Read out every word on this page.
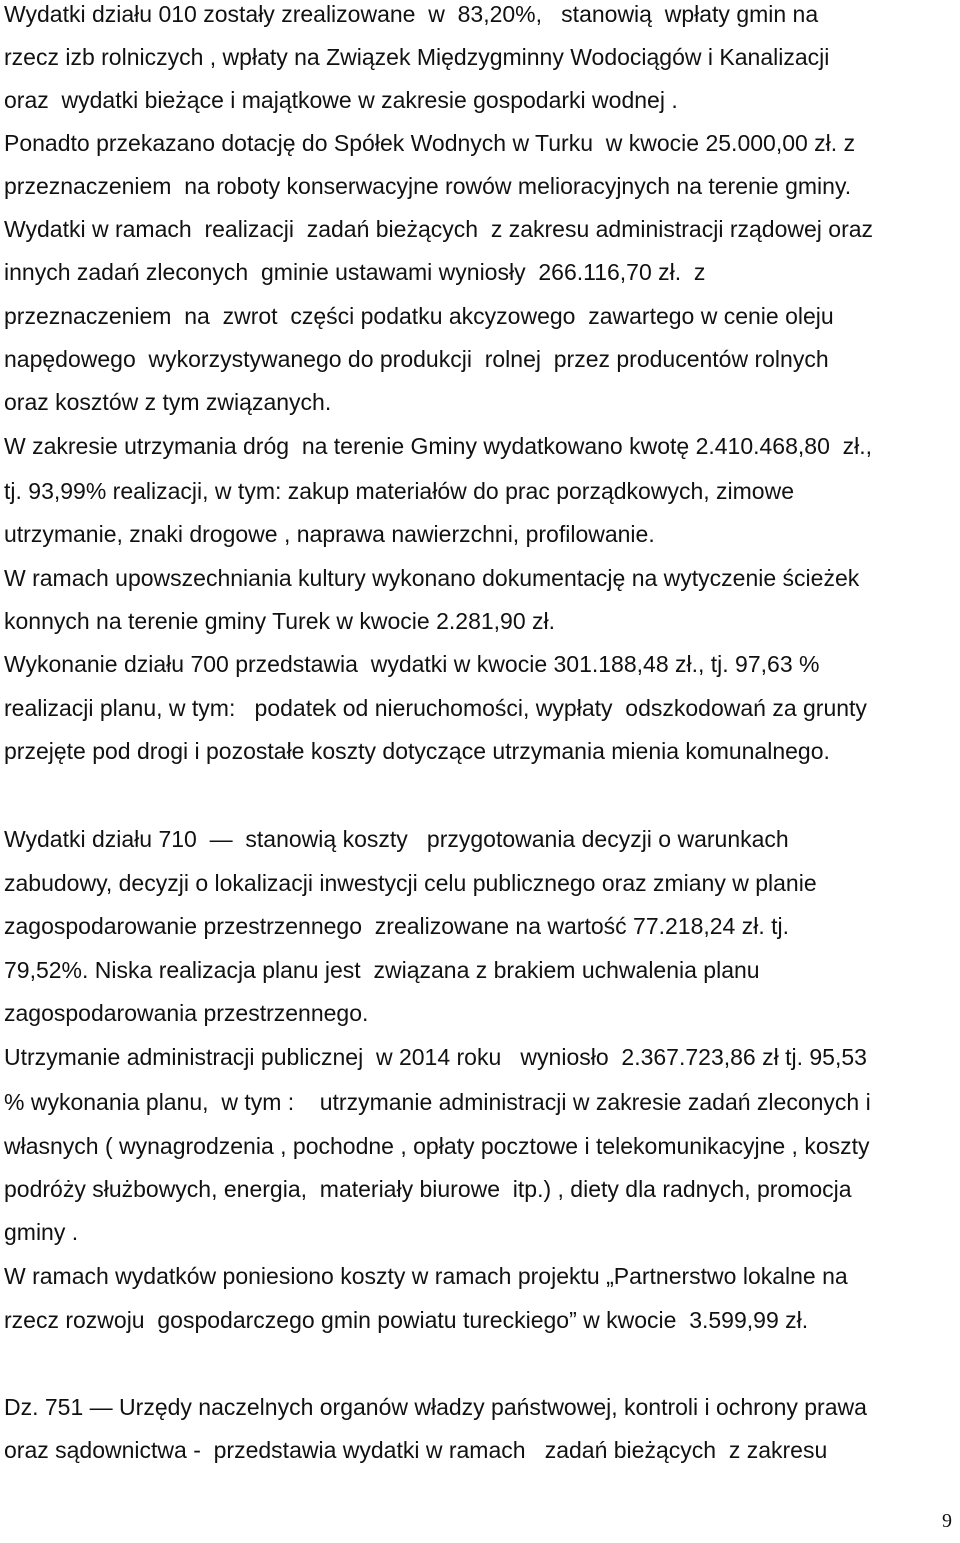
Wydatki działu 010 zostały zrealizowane  w  83,20%,   stanowią  wpłaty gmin na
rzecz izb rolniczych , wpłaty na Związek Międzygminny Wodociągów i Kanalizacji
oraz  wydatki bieżące i majątkowe w zakresie gospodarki wodnej .
Ponadto przekazano dotację do Spółek Wodnych w Turku  w kwocie 25.000,00 zł. z
przeznaczeniem  na roboty konserwacyjne rowów melioracyjnych na terenie gminy.
Wydatki w ramach  realizacji  zadań bieżących  z zakresu administracji rządowej oraz
innych zadań zleconych  gminie ustawami wyniosły  266.116,70 zł.  z
przeznaczeniem  na  zwrot  części podatku akcyzowego  zawartego w cenie oleju
napędowego  wykorzystywanego do produkcji  rolnej  przez producentów rolnych
oraz kosztów z tym związanych.
W zakresie utrzymania dróg  na terenie Gminy wydatkowano kwotę 2.410.468,80  zł.,
tj. 93,99% realizacji, w tym: zakup materiałów do prac porządkowych, zimowe
utrzymanie, znaki drogowe , naprawa nawierzchni, profilowanie.
W ramach upowszechniania kultury wykonano dokumentację na wytyczenie ścieżek
konnych na terenie gminy Turek w kwocie 2.281,90 zł.
Wykonanie działu 700 przedstawia  wydatki w kwocie 301.188,48 zł., tj. 97,63 %
realizacji planu, w tym:   podatek od nieruchomości, wypłaty  odszkodowań za grunty
przejęte pod drogi i pozostałe koszty dotyczące utrzymania mienia komunalnego.
Wydatki działu 710  —  stanowią koszty   przygotowania decyzji o warunkach
zabudowy, decyzji o lokalizacji inwestycji celu publicznego oraz zmiany w planie
zagospodarowanie przestrzennego  zrealizowane na wartość 77.218,24 zł. tj.
79,52%. Niska realizacja planu jest  związana z brakiem uchwalenia planu
zagospodarowania przestrzennego.
Utrzymanie administracji publicznej  w 2014 roku   wyniosło  2.367.723,86 zł tj. 95,53
% wykonania planu,  w tym :    utrzymanie administracji w zakresie zadań zleconych i
własnych ( wynagrodzenia , pochodne , opłaty pocztowe i telekomunikacyjne , koszty
podróży służbowych, energia,  materiały biurowe  itp.) , diety dla radnych, promocja
gminy .
W ramach wydatków poniesiono koszty w ramach projektu „Partnerstwo lokalne na
rzecz rozwoju  gospodarczego gmin powiatu tureckiego” w kwocie  3.599,99 zł.
Dz. 751 — Urzędy naczelnych organów władzy państwowej, kontroli i ochrony prawa
oraz sądownictwa -  przedstawia wydatki w ramach   zadań bieżących  z zakresu
9
